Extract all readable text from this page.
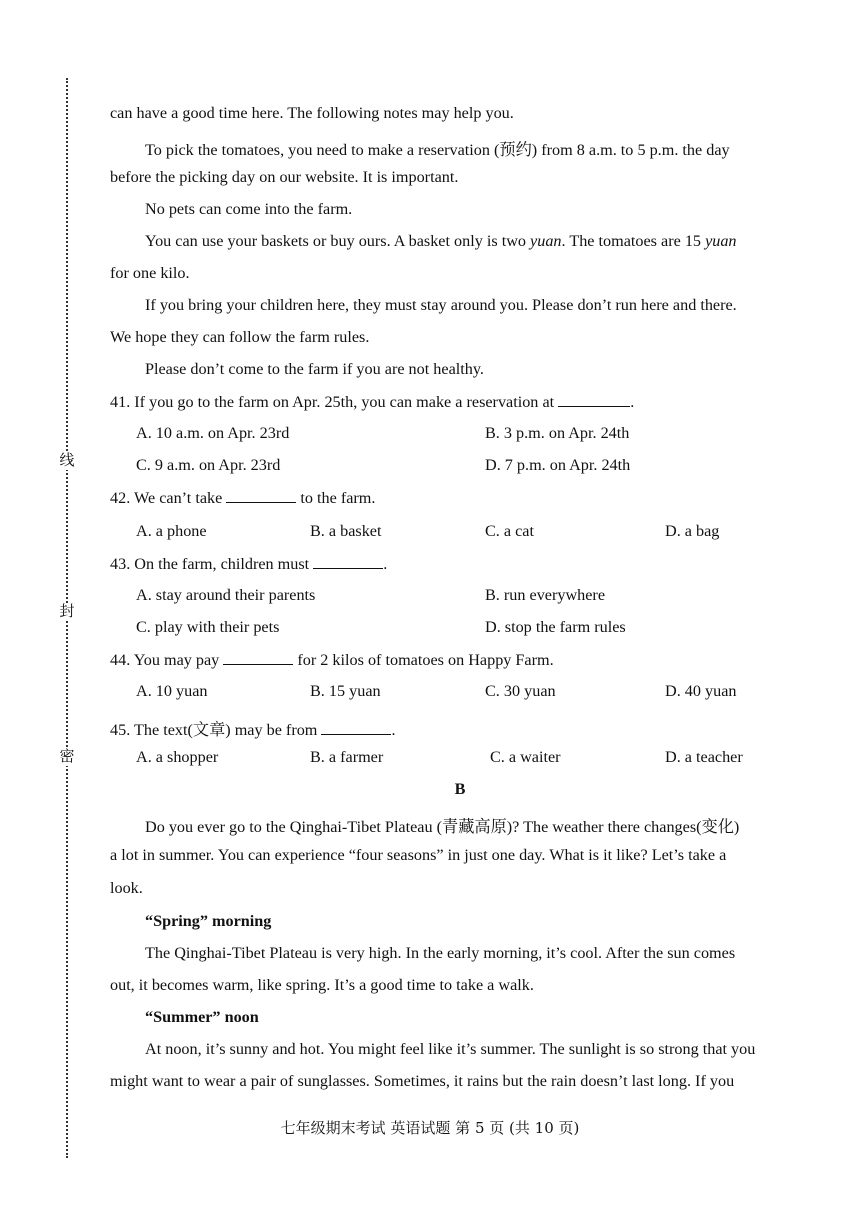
线
封
密
can have a good time here. The following notes may help you.
To pick the tomatoes, you need to make a reservation (预约) from 8 a.m. to 5 p.m. the day
before the picking day on our website. It is important.
No pets can come into the farm.
You can use your baskets or buy ours. A basket only is two yuan. The tomatoes are 15 yuan
for one kilo.
If you bring your children here, they must stay around you. Please don’t run here and there.
We hope they can follow the farm rules.
Please don’t come to the farm if you are not healthy.
41. If you go to the farm on Apr. 25th, you can make a reservation at	.
A. 10 a.m. on Apr. 23rd	B. 3 p.m. on Apr. 24th
C. 9 a.m. on Apr. 23rd	D. 7 p.m. on Apr. 24th
42. We can’t take	to the farm.
A. a phone	B. a basket	C. a cat	D. a bag
43. On the farm, children must	.
A. stay around their parents	B. run everywhere
C. play with their pets	D. stop the farm rules
44. You may pay	for 2 kilos of tomatoes on Happy Farm.
A. 10 yuan	B. 15 yuan	C. 30 yuan	D. 40 yuan
45. The text(文章) may be from	.
A. a shopper	B. a farmer	C. a waiter	D. a teacher
B
Do you ever go to the Qinghai-Tibet Plateau (青藏高原)? The weather there changes(变化)
a lot in summer. You can experience “four seasons” in just one day. What is it like? Let’s take a
look.
“Spring” morning
The Qinghai-Tibet Plateau is very high. In the early morning, it’s cool. After the sun comes
out, it becomes warm, like spring. It’s a good time to take a walk.
“Summer” noon
At noon, it’s sunny and hot. You might feel like it’s summer. The sunlight is so strong that you
might want to wear a pair of sunglasses. Sometimes, it rains but the rain doesn’t last long. If you
七年级期末考试 英语试题 第 5 页 (共 10 页)
